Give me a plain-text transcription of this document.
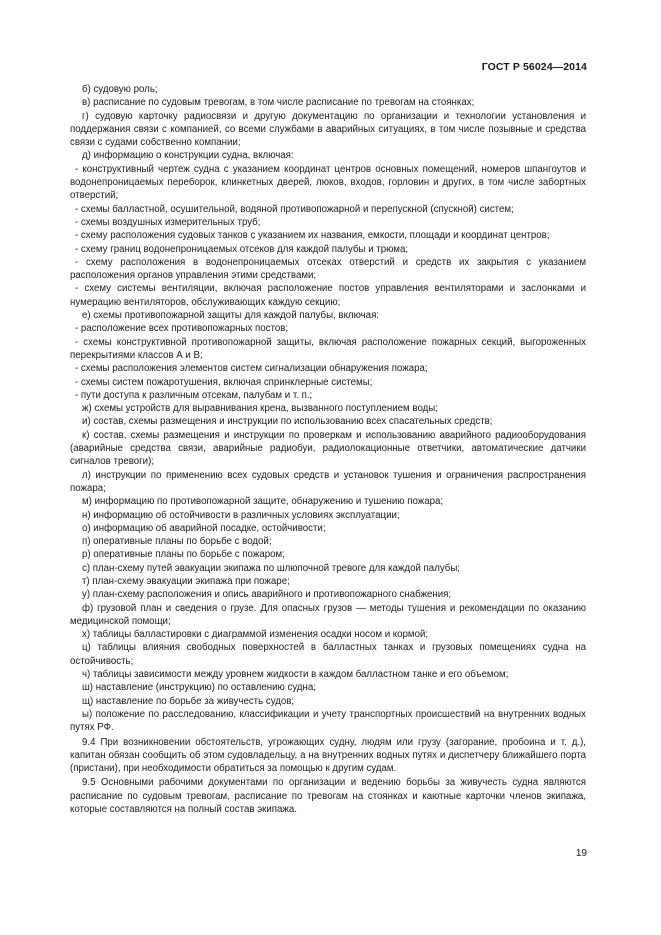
ГОСТ Р 56024—2014

б) судовую роль;

в) расписание по судовым тревогам, в том числе расписание по тревогам на стоянках;

г) судовую карточку радиосвязи и другую документацию по организации и технологии установления и поддержания связи с компанией, со всеми службами в аварийных ситуациях, в том числе позывные и средства связи с судами собственно компании;

д) информацию о конструкции судна, включая:

- конструктивный чертеж судна с указанием координат центров основных помещений, номеров шпангоутов и водонепроницаемых переборок, клинкетных дверей, люков, входов, горловин и других, в том числе забортных отверстий;

- схемы балластной, осушительной, водяной противопожарной и перепускной (спускной) систем;

- схемы воздушных измерительных труб;

- схему расположения судовых танков с указанием их названия, емкости, площади и координат центров;

- схему границ водонепроницаемых отсеков для каждой палубы и трюма;

- схему расположения в водонепроницаемых отсеках отверстий и средств их закрытия с указанием расположения органов управления этими средствами;

- схему системы вентиляции, включая расположение постов управления вентиляторами и заслонками и нумерацию вентиляторов, обслуживающих каждую секцию;

е) схемы противопожарной защиты для каждой палубы, включая:

- расположение всех противопожарных постов;

- схемы конструктивной противопожарной защиты, включая расположение пожарных секций, выгороженных перекрытиями классов А и В;

- схемы расположения элементов систем сигнализации обнаружения пожара;

- схемы систем пожаротушения, включая спринклерные системы;

- пути доступа к различным отсекам, палубам и т. п.;

ж) схемы устройств для выравнивания крена, вызванного поступлением воды;

и) состав, схемы размещения и инструкции по использованию всех спасательных средств;

к) состав, схемы размещения и инструкции по проверкам и использованию аварийного радиооборудования (аварийные средства связи, аварийные радиобуи, радиолокационные ответчики, автоматические датчики сигналов тревоги);

л) инструкции по применению всех судовых средств и установок тушения и ограничения распространения пожара;

м) информацию по противопожарной защите, обнаружению и тушению пожара;

н) информацию об остойчивости в различных условиях эксплуатации;

о) информацию об аварийной посадке, остойчивости;

п) оперативные планы по борьбе с водой;

р) оперативные планы по борьбе с пожаром;

с) план-схему путей эвакуации экипажа по шлюпочной тревоге для каждой палубы;

т) план-схему эвакуации экипажа при пожаре;

у) план-схему расположения и опись аварийного и противопожарного снабжения;

ф) грузовой план и сведения о грузе. Для опасных грузов — методы тушения и рекомендации по оказанию медицинской помощи;

х) таблицы балластировки с диаграммой изменения осадки носом и кормой;

ц) таблицы влияния свободных поверхностей в балластных танках и грузовых помещениях судна на остойчивость;

ч) таблицы зависимости между уровнем жидкости в каждом балластном танке и его объемом;

ш) наставление (инструкцию) по оставлению судна;

щ) наставление по борьбе за живучесть судов;

ы) положение по расследованию, классификации и учету транспортных происшествий на внутренних водных путях РФ.

9.4 При возникновении обстоятельств, угрожающих судну, людям или грузу (загорание, пробоина и т. д.), капитан обязан сообщить об этом судовладельцу, а на внутренних водных путях и диспетчеру ближайшего порта (пристани), при необходимости обратиться за помощью к другим судам.

9.5 Основными рабочими документами по организации и ведению борьбы за живучесть судна являются расписание по судовым тревогам, расписание по тревогам на стоянках и каютные карточки членов экипажа, которые составляются на полный состав экипажа.

19
